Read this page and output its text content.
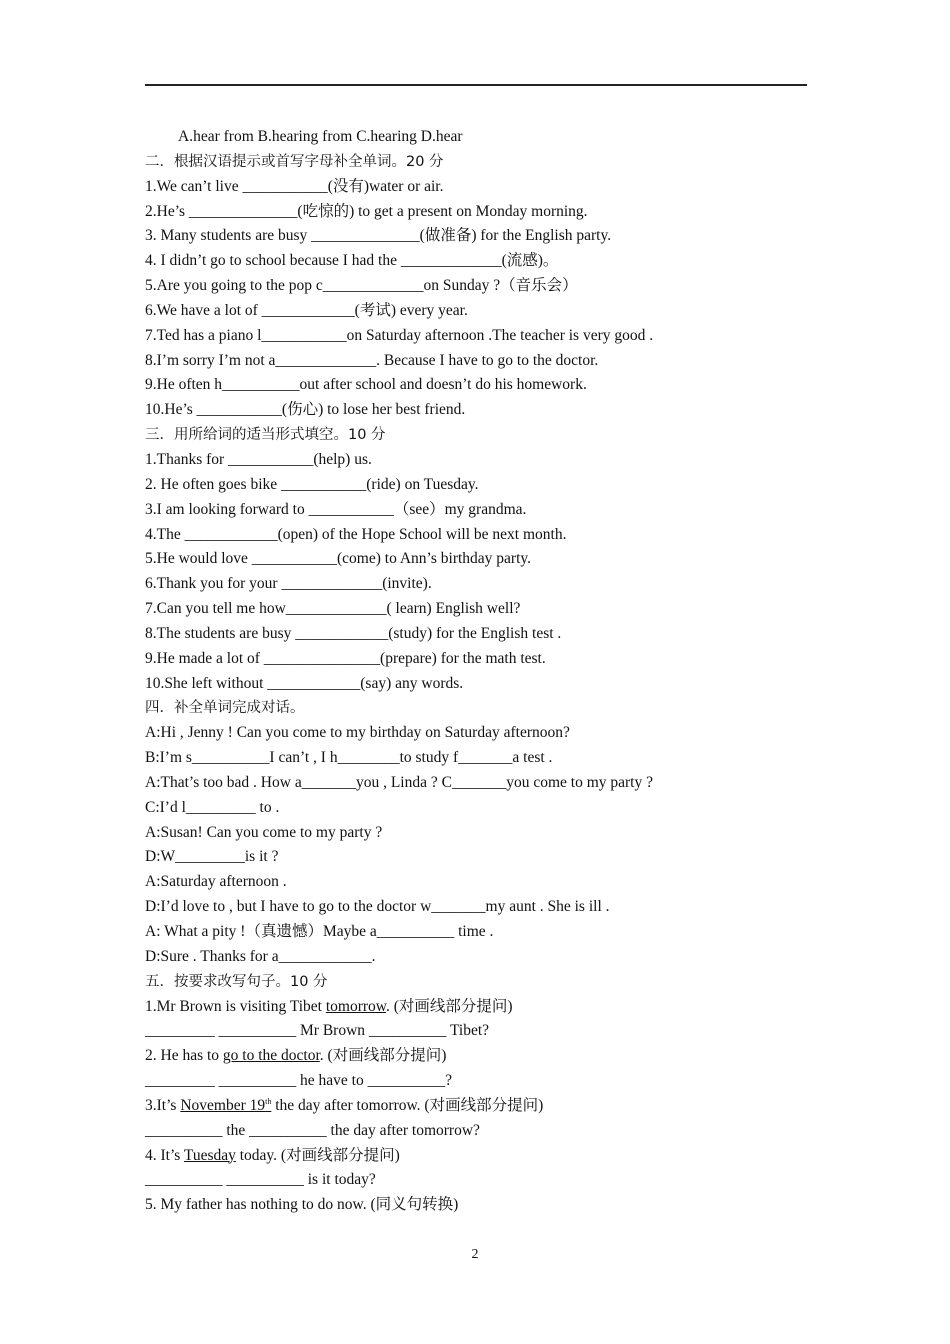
A.hear from B.hearing from C.hearing D.hear
二．根据汉语提示或首写字母补全单词。20 分
1.We can’t live ___________(没有)water or air.
2.He’s ______________(吃惊的) to get a present on Monday morning.
3. Many students are busy ______________(做准备) for the English party.
4. I didn’t go to school because I had the _____________(流感)。
5.Are you going to the pop c_____________on Sunday ?（音乐会）
6.We have a lot of ____________(考试) every year.
7.Ted has a piano l___________on Saturday afternoon .The teacher is very good .
8.I’m sorry I’m not a_____________. Because I have to go to the doctor.
9.He often h__________out after school and doesn’t do his homework.
10.He’s ___________(伤心) to lose her best friend.
三．用所给词的适当形式填空。10 分
1.Thanks for ___________(help) us.
2. He often goes bike ___________(ride) on Tuesday.
3.I am looking forward to ___________（see）my grandma.
4.The ____________(open) of the Hope School will be next month.
5.He would love ___________(come) to Ann’s birthday party.
6.Thank you for your _____________(invite).
7.Can you tell me how_____________( learn) English well?
8.The students are busy ____________(study) for the English test .
9.He made a lot of _______________(prepare) for the math test.
10.She left without ____________(say) any words.
四．补全单词完成对话。
A:Hi , Jenny ! Can you come to my birthday on Saturday afternoon?
B:I’m s__________I can’t , I h________to study f_______a test .
A:That’s too bad . How a_______you , Linda ? C_______you come to my party ?
C:I’d l_________ to .
A:Susan! Can you come to my party ?
D:W_________is it ?
A:Saturday afternoon .
D:I’d love to , but I have to go to the doctor w_______my aunt . She is ill .
A: What a pity !（真遗憾）Maybe a__________ time .
D:Sure . Thanks for a____________.
五．按要求改写句子。10 分
1.Mr Brown is visiting Tibet tomorrow. (对画线部分提问)
_________ __________ Mr Brown __________ Tibet?
2. He has to go to the doctor. (对画线部分提问)
_________ __________ he have to __________?
3.It’s November 19th the day after tomorrow. (对画线部分提问)
__________ the __________ the day after tomorrow?
4. It’s Tuesday today. (对画线部分提问)
__________ __________ is it today?
5. My father has nothing to do now. (同义句转换)
2
